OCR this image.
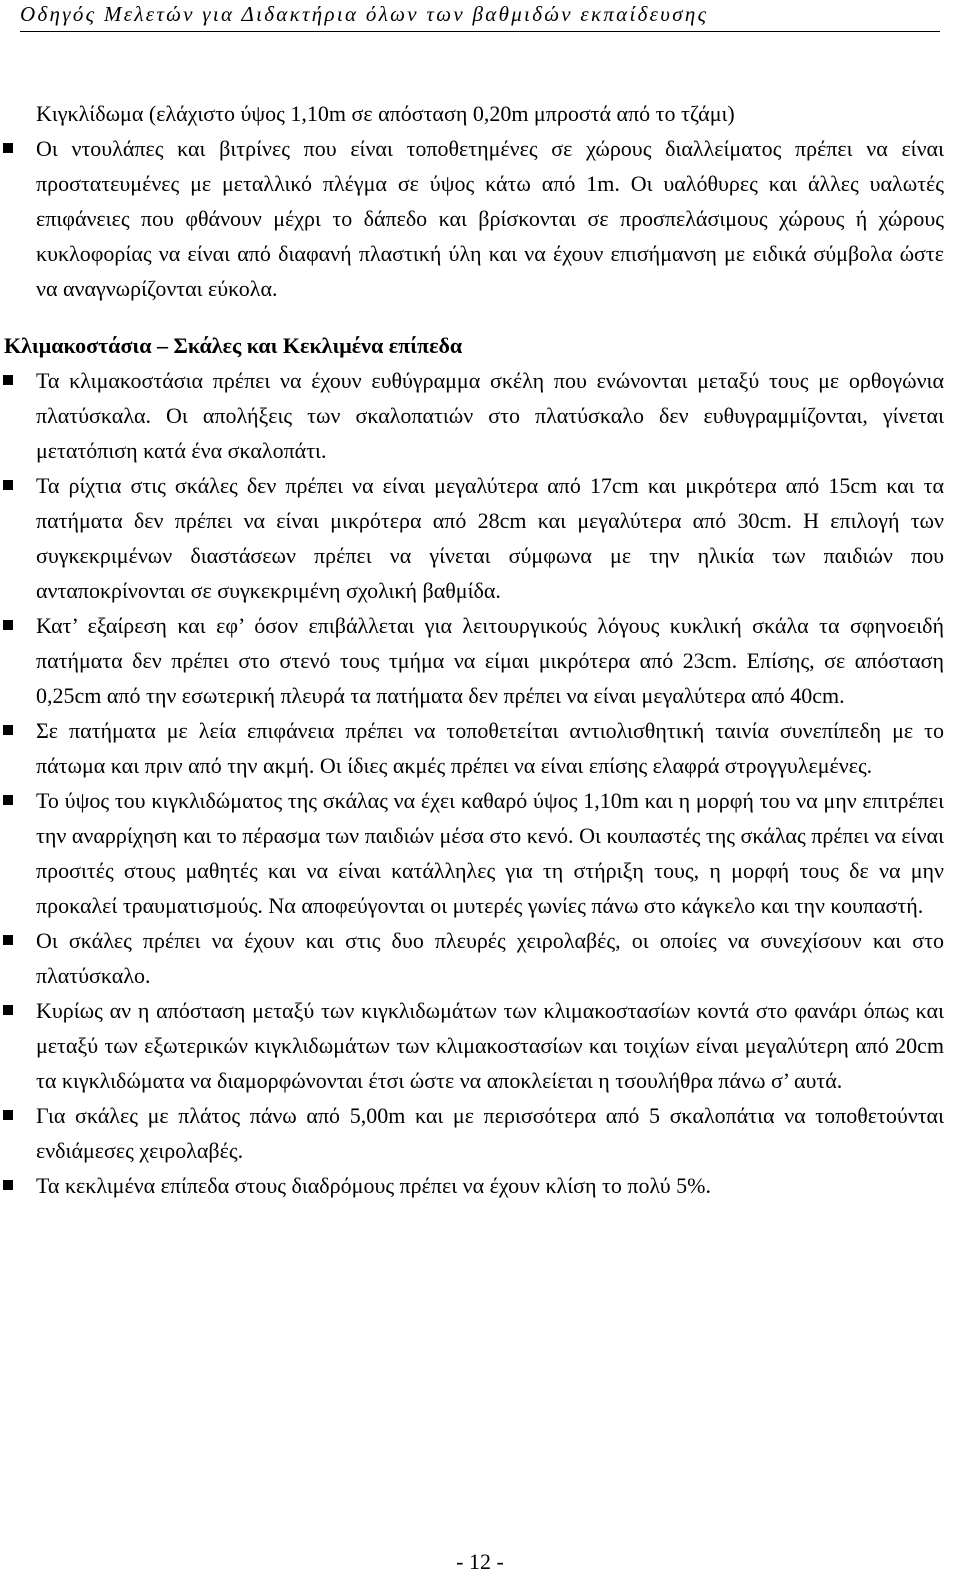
Οδηγός Μελετών για Διδακτήρια όλων των βαθμιδών εκπαίδευσης

Κιγκλίδωμα (ελάχιστο ύψος 1,10m σε απόσταση 0,20m μπροστά από το τζάμι)

Οι ντουλάπες και βιτρίνες που είναι τοποθετημένες σε χώρους διαλλείματος πρέπει να είναι προστατευμένες με μεταλλικό πλέγμα σε ύψος κάτω από 1m. Οι υαλόθυρες και άλλες υαλωτές επιφάνειες που φθάνουν μέχρι το δάπεδο και βρίσκονται σε προσπελάσιμους χώρους ή χώρους κυκλοφορίας να είναι από διαφανή πλαστική ύλη και να έχουν επισήμανση με ειδικά σύμβολα ώστε να αναγνωρίζονται εύκολα.
Κλιμακοστάσια – Σκάλες και Κεκλιμένα επίπεδα
Τα κλιμακοστάσια πρέπει να έχουν ευθύγραμμα σκέλη που ενώνονται μεταξύ τους με ορθογώνια πλατύσκαλα. Οι απολήξεις των σκαλοπατιών στο πλατύσκαλο δεν ευθυγραμμίζονται, γίνεται μετατόπιση κατά ένα σκαλοπάτι.
Τα ρίχτια στις σκάλες δεν πρέπει να είναι μεγαλύτερα από 17cm και μικρότερα από 15cm και τα πατήματα δεν πρέπει να είναι μικρότερα από 28cm και μεγαλύτερα από 30cm. Η επιλογή των συγκεκριμένων διαστάσεων πρέπει να γίνεται σύμφωνα με την ηλικία των παιδιών που ανταποκρίνονται σε συγκεκριμένη σχολική βαθμίδα.
Κατ’ εξαίρεση και εφ’ όσον επιβάλλεται για λειτουργικούς λόγους κυκλική σκάλα τα σφηνοειδή πατήματα δεν πρέπει στο στενό τους τμήμα να είμαι μικρότερα από 23cm. Επίσης, σε απόσταση 0,25cm από την εσωτερική πλευρά τα πατήματα δεν πρέπει να είναι μεγαλύτερα από 40cm.
Σε πατήματα με λεία επιφάνεια πρέπει να τοποθετείται αντιολισθητική ταινία συνεπίπεδη με το πάτωμα και πριν από την ακμή. Οι ίδιες ακμές πρέπει να είναι επίσης ελαφρά στρογγυλεμένες.
Το ύψος του κιγκλιδώματος της σκάλας να έχει καθαρό ύψος 1,10m και η μορφή του να μην επιτρέπει την αναρρίχηση και το πέρασμα των παιδιών μέσα στο κενό. Οι κουπαστές της σκάλας πρέπει να είναι προσιτές στους μαθητές και να είναι κατάλληλες για τη στήριξη τους, η μορφή τους δε να μην προκαλεί τραυματισμούς. Να αποφεύγονται οι μυτερές γωνίες πάνω στο κάγκελο και την κουπαστή.
Οι σκάλες πρέπει να έχουν και στις δυο πλευρές χειρολαβές, οι οποίες να συνεχίσουν και στο πλατύσκαλο.
Κυρίως αν η απόσταση μεταξύ των κιγκλιδωμάτων των κλιμακοστασίων κοντά στο φανάρι όπως και μεταξύ των εξωτερικών κιγκλιδωμάτων των κλιμακοστασίων και τοιχίων είναι μεγαλύτερη από 20cm τα κιγκλιδώματα να διαμορφώνονται έτσι ώστε να αποκλείεται η τσουλήθρα πάνω σ’ αυτά.
Για σκάλες με πλάτος πάνω από 5,00m και με περισσότερα από 5 σκαλοπάτια να τοποθετούνται ενδιάμεσες χειρολαβές.
Τα κεκλιμένα επίπεδα στους διαδρόμους πρέπει να έχουν κλίση το πολύ 5%.
- 12 -
